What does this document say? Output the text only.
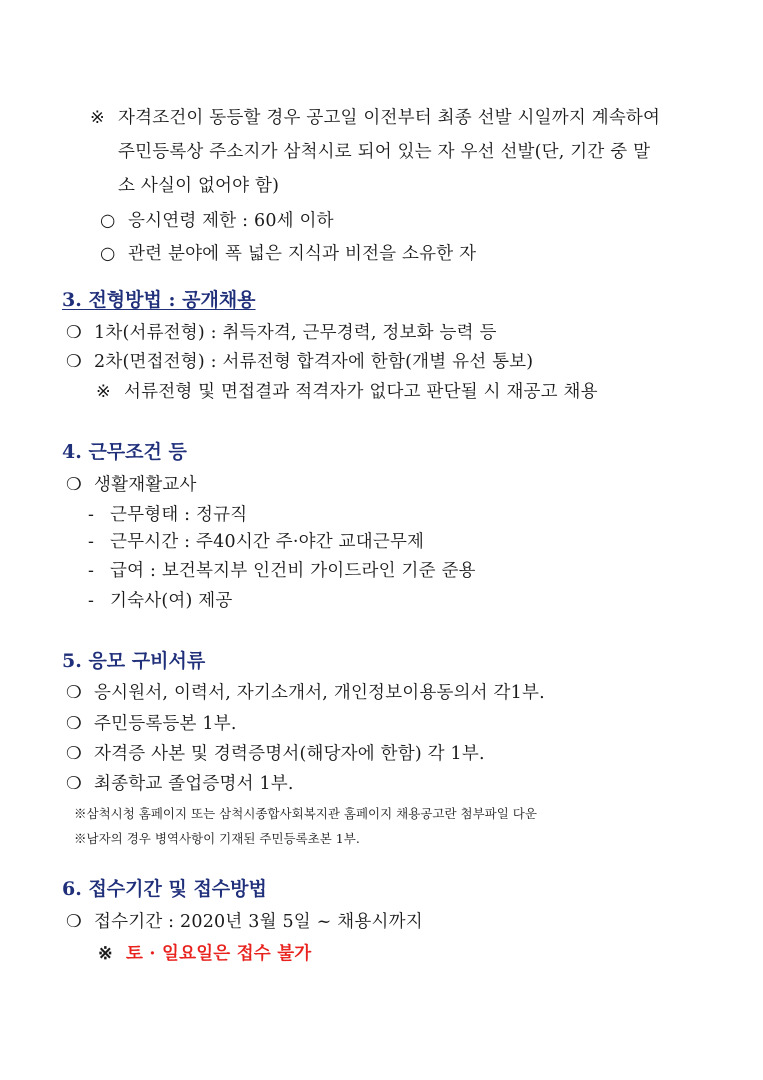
※ 자격조건이 동등할 경우 공고일 이전부터 최종 선발 시일까지 계속하여
주민등록상 주소지가 삼척시로 되어 있는 자 우선 선발(단, 기간 중 말
소 사실이 없어야 함)
○ 응시연령 제한 : 60세 이하
○ 관련 분야에 폭 넓은 지식과 비전을 소유한 자
3. 전형방법 : 공개채용
❍ 1차(서류전형) : 취득자격, 근무경력, 정보화 능력 등
❍ 2차(면접전형) : 서류전형 합격자에 한함(개별 유선 통보)
※ 서류전형 및 면접결과 적격자가 없다고 판단될 시 재공고 채용
4. 근무조건 등
❍ 생활재활교사
- 근무형태 : 정규직
- 근무시간 : 주40시간 주·야간 교대근무제
- 급여 : 보건복지부 인건비 가이드라인 기준 준용
- 기숙사(여) 제공
5. 응모 구비서류
❍ 응시원서, 이력서, 자기소개서, 개인정보이용동의서 각1부.
❍ 주민등록등본 1부.
❍ 자격증 사본 및 경력증명서(해당자에 한함) 각 1부.
❍ 최종학교 졸업증명서 1부.
※삼척시청 홈페이지 또는 삼척시종합사회복지관 홈페이지 채용공고란 첨부파일 다운
※남자의 경우 병역사항이 기재된 주민등록초본 1부.
6. 접수기간 및 접수방법
❍ 접수기간 : 2020년 3월 5일 ~ 채용시까지
※ 토 · 일요일은 접수 불가
